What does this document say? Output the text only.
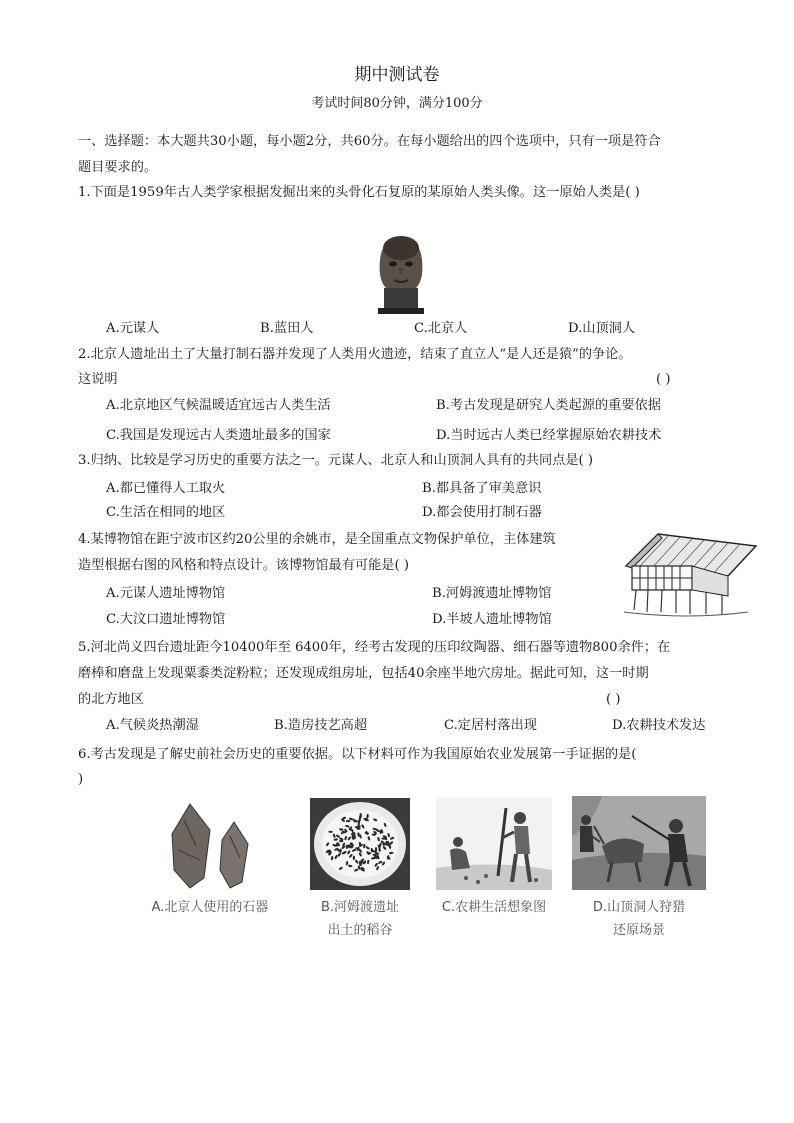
期中测试卷
考试时间80分钟，满分100分
一、选择题：本大题共30小题，每小题2分，共60分。在每小题给出的四个选项中，只有一项是符合
题目要求的。
1.下面是1959年古人类学家根据发掘出来的头骨化石复原的某原始人类头像。这一原始人类是( )
A.元谋人	B.蓝田人	C.北京人	D.山顶洞人
2.北京人遗址出土了大量打制石器并发现了人类用火遗迹，结束了直立人“是人还是猿”的争论。
这说明	( )
A.北京地区气候温暖适宜远古人类生活	B.考古发现是研究人类起源的重要依据
C.我国是发现远古人类遗址最多的国家	D.当时远古人类已经掌握原始农耕技术
3.归纳、比较是学习历史的重要方法之一。元谋人、北京人和山顶洞人具有的共同点是( )
A.都已懂得人工取火	B.都具备了审美意识
C.生活在相同的地区	D.都会使用打制石器
4.某博物馆在距宁波市区约20公里的余姚市，是全国重点文物保护单位，主体建筑
造型根据右图的风格和特点设计。该博物馆最有可能是( )
A.元谋人遗址博物馆	B.河姆渡遗址博物馆
C.大汶口遗址博物馆	D.半坡人遗址博物馆
5.河北尚义四台遗址距今10400年至 6400年，经考古发现的压印纹陶器、细石器等遗物800余件；在
磨棒和磨盘上发现粟黍类淀粉粒；还发现成组房址，包括40余座半地穴房址。据此可知，这一时期
的北方地区	( )
A.气候炎热潮湿	B.造房技艺高超	C.定居村落出现	D.农耕技术发达
6.考古发现是了解史前社会历史的重要依据。以下材料可作为我国原始农业发展第一手证据的是(
)
A.北京人使用的石器	B.河姆渡遗址
出土的稻谷
C.农耕生活想象图	D.山顶洞人狩猎
还原场景
